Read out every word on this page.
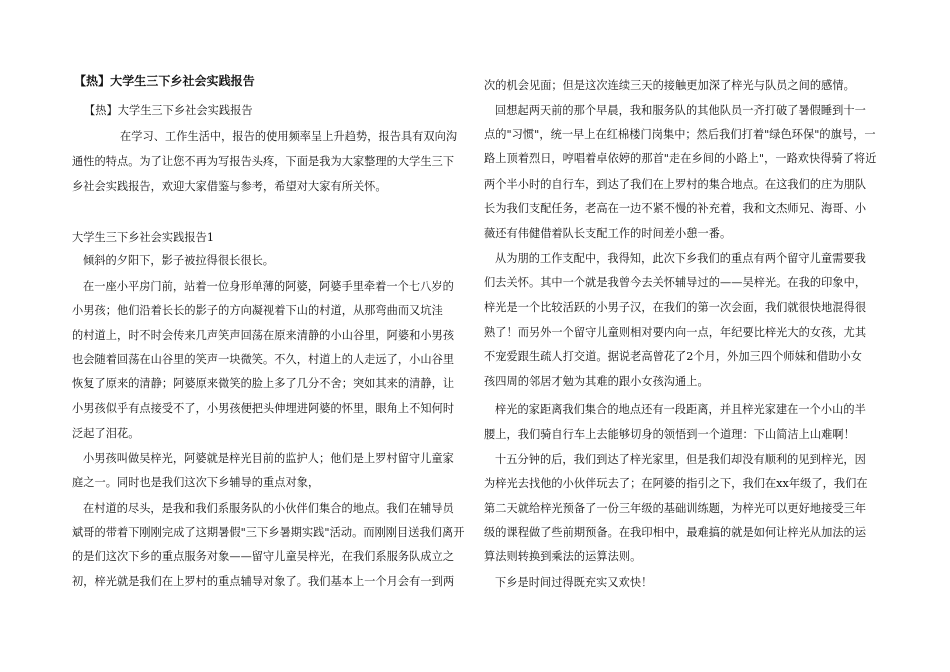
【热】大学生三下乡社会实践报告
【热】大学生三下乡社会实践报告
在学习、工作生活中，报告的使用频率呈上升趋势，报告具有双向沟
通性的特点。为了让您不再为写报告头疼，下面是我为大家整理的大学生三下
乡社会实践报告，欢迎大家借鉴与参考，希望对大家有所关怀。
大学生三下乡社会实践报告1
倾斜的夕阳下，影子被拉得很长很长。
在一座小平房门前，站着一位身形单薄的阿婆，阿婆手里牵着一个七八岁的
小男孩；他们沿着长长的影子的方向凝视着下山的村道，从那弯曲而又坑洼
的村道上，时不时会传来几声笑声回荡在原来清静的小山谷里，阿婆和小男孩
也会随着回荡在山谷里的笑声一块微笑。不久，村道上的人走远了，小山谷里
恢复了原来的清静；阿婆原来微笑的脸上多了几分不舍；突如其来的清静，让
小男孩似乎有点接受不了，小男孩便把头伸埋进阿婆的怀里，眼角上不知何时
泛起了泪花。
小男孩叫做吴梓光，阿婆就是梓光目前的监护人；他们是上罗村留守儿童家
庭之一。同时也是我们这次下乡辅导的重点对象，
在村道的尽头，是我和我们系服务队的小伙伴们集合的地点。我们在辅导员
斌哥的带着下刚刚完成了这期暑假"三下乡暑期实践"活动。而刚刚目送我们离开
的是们这次下乡的重点服务对象——留守儿童吴梓光，在我们系服务队成立之
初，梓光就是我们在上罗村的重点辅导对象了。我们基本上一个月会有一到两
次的机会见面；但是这次连续三天的接触更加深了梓光与队员之间的感情。
回想起两天前的那个早晨，我和服务队的其他队员一齐打破了暑假睡到十一
点的"习惯"，统一早上在红棉楼门岗集中；然后我们打着"绿色环保"的旗号，一
路上顶着烈日，哼唱着卓依婷的那首"走在乡间的小路上"，一路欢快得骑了将近
两个半小时的自行车，到达了我们在上罗村的集合地点。在这我们的庄为朋队
长为我们支配任务，老高在一边不紧不慢的补充着，我和文杰师兄、海哥、小
薇还有伟健借着队长支配工作的时间差小憩一番。
从为朋的工作支配中，我得知，此次下乡我们的重点有两个留守儿童需要我
们去关怀。其中一个就是我曾今去关怀辅导过的——吴梓光。在我的印象中，
梓光是一个比较活跃的小男子汉，在我们的第一次会面，我们就很快地混得很
熟了！而另外一个留守儿童则相对要内向一点，年纪要比梓光大的女孩，尤其
不宠爱跟生疏人打交道。据说老高曾花了2个月，外加三四个师妹和借助小女
孩四周的邻居才勉为其难的跟小女孩沟通上。
梓光的家距离我们集合的地点还有一段距离，并且梓光家建在一个小山的半
腰上，我们骑自行车上去能够切身的领悟到一个道理：下山简洁上山难啊！
十五分钟的后，我们到达了梓光家里，但是我们却没有顺利的见到梓光，因
为梓光去找他的小伙伴玩去了；在阿婆的指引之下，我们在xx年级了，我们在
第二天就给梓光预备了一份三年级的基础训练题，为梓光可以更好地接受三年
级的课程做了些前期预备。在我印相中，最难搞的就是如何让梓光从加法的运
算法则转换到乘法的运算法则。
下乡是时间过得既充实又欢快！
